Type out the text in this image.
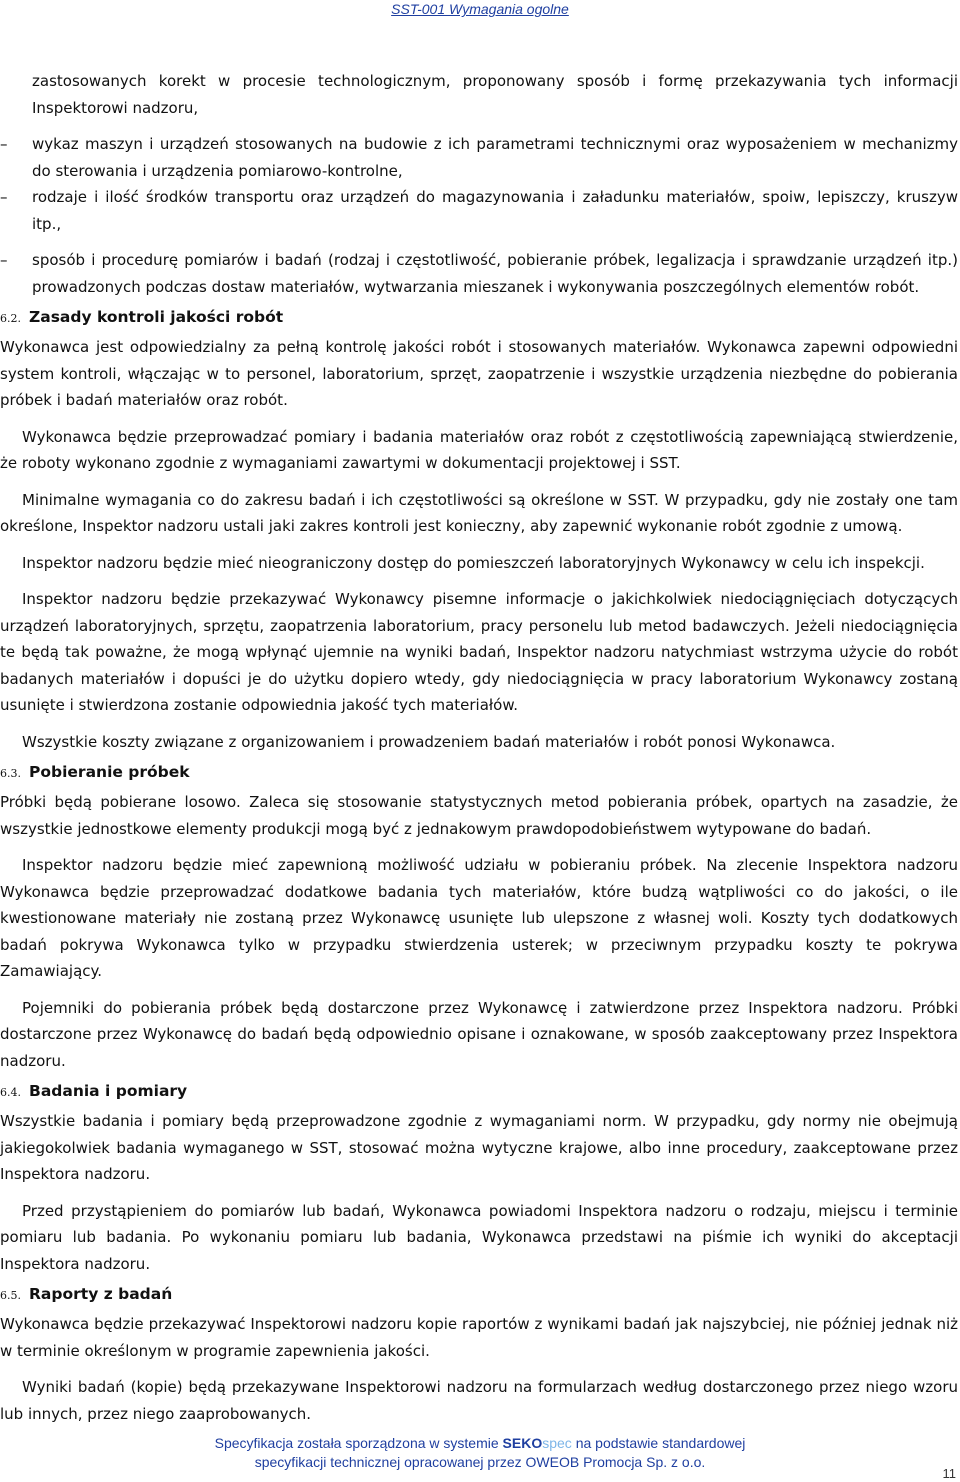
SST-001 Wymagania ogolne
zastosowanych korekt w procesie technologicznym, proponowany sposób i formę przekazywania tych informacji Inspektorowi nadzoru,
–	wykaz maszyn i urządzeń stosowanych na budowie z ich parametrami technicznymi oraz wyposażeniem w mechanizmy do sterowania i urządzenia pomiarowo-kontrolne,
–	rodzaje i ilość środków transportu oraz urządzeń do magazynowania i załadunku materiałów, spoiw, lepiszczy, kruszyw itp.,
–	sposób i procedurę pomiarów i badań (rodzaj i częstotliwość, pobieranie próbek, legalizacja i sprawdzanie urządzeń itp.) prowadzonych podczas dostaw materiałów, wytwarzania mieszanek i wykonywania poszczególnych elementów robót.
6.2. Zasady kontroli jakości robót

Wykonawca jest odpowiedzialny za pełną kontrolę jakości robót i stosowanych materiałów. Wykonawca zapewni odpowiedni system kontroli, włączając w to personel, laboratorium, sprzęt, zaopatrzenie i wszystkie urządzenia niezbędne do pobierania próbek i badań materiałów oraz robót.

Wykonawca będzie przeprowadzać pomiary i badania materiałów oraz robót z częstotliwością zapewniającą stwierdzenie, że roboty wykonano zgodnie z wymaganiami zawartymi w dokumentacji projektowej i SST.

Minimalne wymagania co do zakresu badań i ich częstotliwości są określone w SST. W przypadku, gdy nie zostały one tam określone, Inspektor nadzoru ustali jaki zakres kontroli jest konieczny, aby zapewnić wykonanie robót zgodnie z umową.

Inspektor nadzoru będzie mieć nieograniczony dostęp do pomieszczeń laboratoryjnych Wykonawcy w celu ich inspekcji.

Inspektor nadzoru będzie przekazywać Wykonawcy pisemne informacje o jakichkolwiek niedociągnięciach dotyczących urządzeń laboratoryjnych, sprzętu, zaopatrzenia laboratorium, pracy personelu lub metod badawczych. Jeżeli niedociągnięcia te będą tak poważne, że mogą wpłynąć ujemnie na wyniki badań, Inspektor nadzoru natychmiast wstrzyma użycie do robót badanych materiałów i dopuści je do użytku dopiero wtedy, gdy niedociągnięcia w pracy laboratorium Wykonawcy zostaną usunięte i stwierdzona zostanie odpowiednia jakość tych materiałów.

Wszystkie koszty związane z organizowaniem i prowadzeniem badań materiałów i robót ponosi Wykonawca.

6.3. Pobieranie próbek

Próbki będą pobierane losowo. Zaleca się stosowanie statystycznych metod pobierania próbek, opartych na zasadzie, że wszystkie jednostkowe elementy produkcji mogą być z jednakowym prawdopodobieństwem wytypowane do badań.

Inspektor nadzoru będzie mieć zapewnioną możliwość udziału w pobieraniu próbek. Na zlecenie Inspektora nadzoru Wykonawca będzie przeprowadzać dodatkowe badania tych materiałów, które budzą wątpliwości co do jakości, o ile kwestionowane materiały nie zostaną przez Wykonawcę usunięte lub ulepszone z własnej woli. Koszty tych dodatkowych badań pokrywa Wykonawca tylko w przypadku stwierdzenia usterek; w przeciwnym przypadku koszty te pokrywa Zamawiający.

Pojemniki do pobierania próbek będą dostarczone przez Wykonawcę i zatwierdzone przez Inspektora nadzoru. Próbki dostarczone przez Wykonawcę do badań będą odpowiednio opisane i oznakowane, w sposób zaakceptowany przez Inspektora nadzoru.

6.4. Badania i pomiary

Wszystkie badania i pomiary będą przeprowadzone zgodnie z wymaganiami norm. W przypadku, gdy normy nie obejmują jakiegokolwiek badania wymaganego w SST, stosować można wytyczne krajowe, albo inne procedury, zaakceptowane przez Inspektora nadzoru.

Przed przystąpieniem do pomiarów lub badań, Wykonawca powiadomi Inspektora nadzoru o rodzaju, miejscu i terminie pomiaru lub badania. Po wykonaniu pomiaru lub badania, Wykonawca przedstawi na piśmie ich wyniki do akceptacji Inspektora nadzoru.

6.5. Raporty z badań

Wykonawca będzie przekazywać Inspektorowi nadzoru kopie raportów z wynikami badań jak najszybciej, nie później jednak niż w terminie określonym w programie zapewnienia jakości.

Wyniki badań (kopie) będą przekazywane Inspektorowi nadzoru na formularzach według dostarczonego przez niego wzoru lub innych, przez niego zaaprobowanych.

Specyfikacja została sporządzona w systemie SEKOspec na podstawie standardowej
specyfikacji technicznej opracowanej przez OWEOB Promocja Sp. z o.o.
11
